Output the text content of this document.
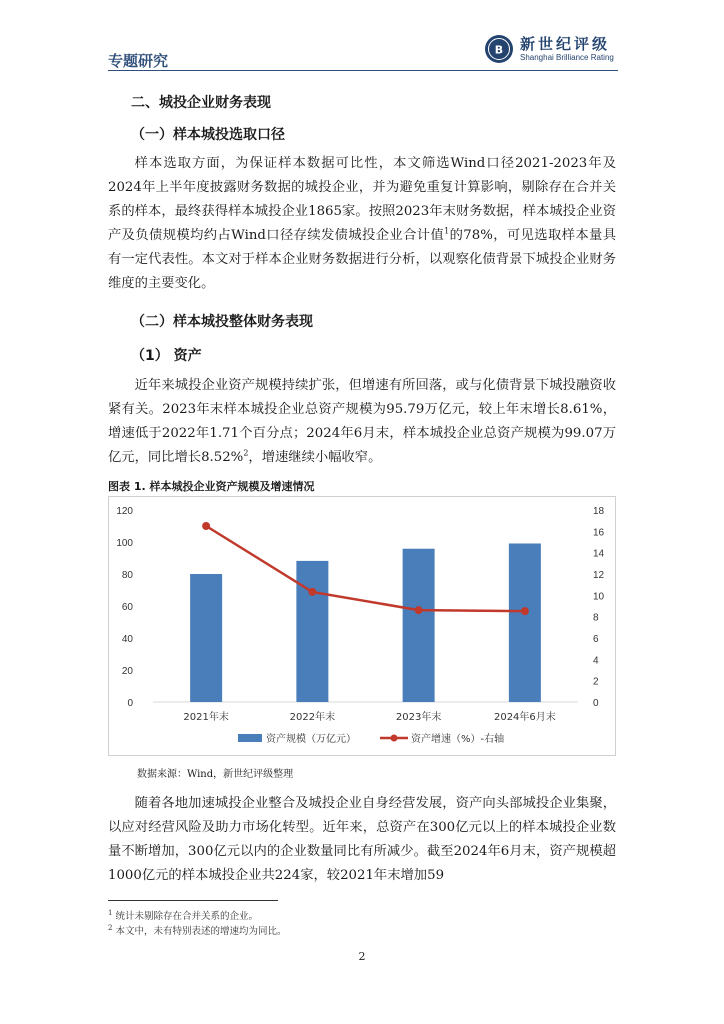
专题研究
B 新世纪评级
Shanghai Brilliance Rating
二、城投企业财务表现
（一）样本城投选取口径

样本选取方面，为保证样本数据可比性，本文筛选Wind口径2021-2023年及2024年上半年度披露财务数据的城投企业，并为避免重复计算影响，剔除存在合并关系的样本，最终获得样本城投企业1865家。按照2023年末财务数据，样本城投企业资产及负债规模均约占Wind口径存续发债城投企业合计值$^1$的78%，可见选取样本量具有一定代表性。本文对于样本企业财务数据进行分析，以观察化债背景下城投企业财务维度的主要变化。

（二）样本城投整体财务表现
（1） 资产

近年来城投企业资产规模持续扩张，但增速有所回落，或与化债背景下城投融资收紧有关。2023年末样本城投企业总资产规模为95.79万亿元，较上年末增长8.61%，增速低于2022年1.71个百分点；2024年6月末，样本城投企业总资产规模为99.07万亿元，同比增长8.52%$^2$，增速继续小幅收窄。

图表 1. 样本城投企业资产规模及增速情况
0
20
40
60
80
100
120
0
2
4
6
8
10
12
14
16
18
2021年末	2022年末	2023年末	2024年6月末
资产规模（万亿元）	资产增速（%）-右轴
数据来源：Wind，新世纪评级整理

随着各地加速城投企业整合及城投企业自身经营发展，资产向头部城投企业集聚，以应对经营风险及助力市场化转型。近年来，总资产在300亿元以上的样本城投企业数量不断增加，300亿元以内的企业数量同比有所减少。截至2024年6月末，资产规模超1000亿元的样本城投企业共224家，较2021年末增加59

$^1$ 统计未剔除存在合并关系的企业。
$^2$ 本文中，未有特别表述的增速均为同比。
2
